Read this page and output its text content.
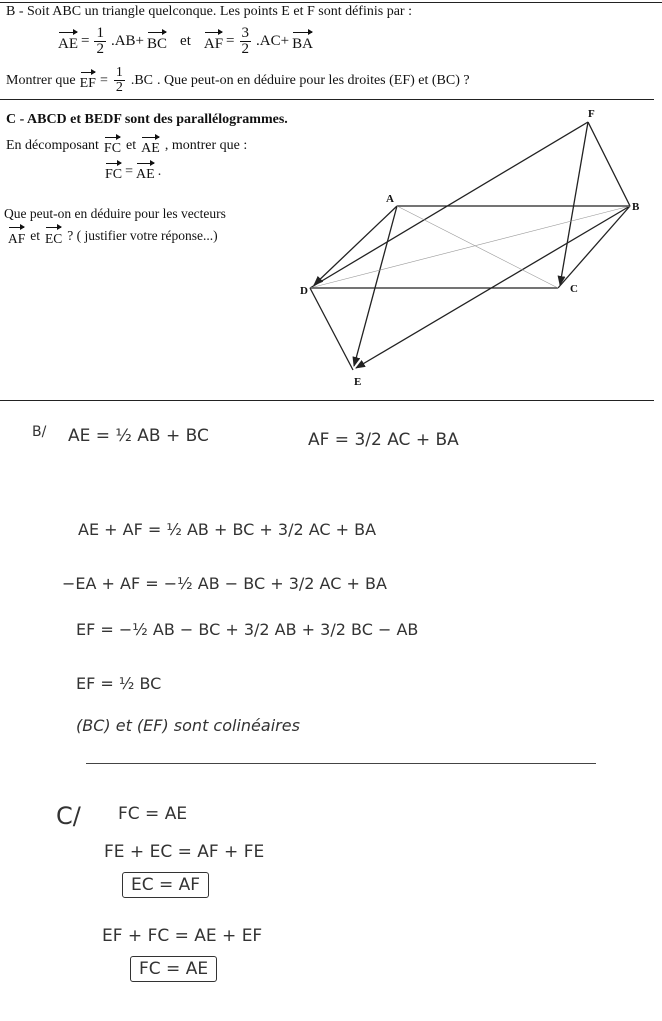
B - Soit ABC un triangle quelconque. Les points E et F sont définis par :
AE = $\frac{1}{2} .AB+$ BC et AF = $\frac{3}{2} .AC+$ BA
Montrer que EF = $\frac{1}{2} .BC$ . Que peut-on en déduire pour les droites (EF) et (BC) ?
C - ABCD et BEDF sont des parallélogrammes.
En décomposant FC et AE , montrer que :
FC = AE .
Que peut-on en déduire pour les vecteurs
AF et EC ? ( justifier votre réponse...)
A
B
C
D
E
F
B/ AE = ½ AB + BC	AF = 3/2 AC + BA
AE + AF = ½ AB + BC + 3/2 AC + BA
−EA + AF = −½ AB − BC + 3/2 AC + BA
EF = −½ AB − BC + 3/2 AB + 3/2 BC − AB
EF = ½ BC
(BC) et (EF) sont colinéaires
C/ FC = AE
FE + EC = AF + FE
EC = AF
EF + FC = AE + EF
FC = AE
